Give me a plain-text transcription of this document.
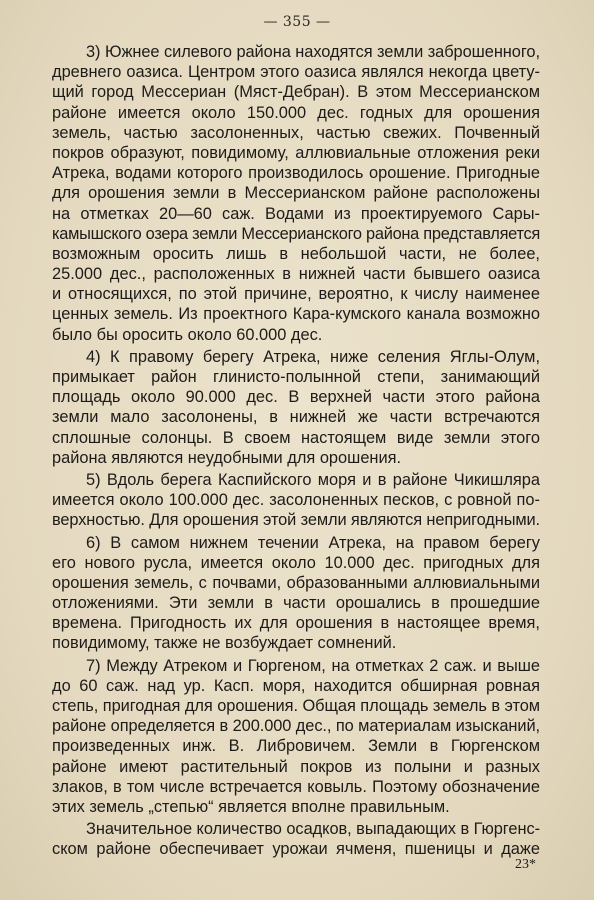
— 355 —
3) Южнее силевого района находятся земли заброшенного,
древнего оазиса. Центром этого оазиса являлся некогда цвету-
щий город Мессериан (Мяст-Дебран). В этом Мессерианском
районе имеется около 150.000 дес. годных для орошения
земель, частью засолоненных, частью свежих. Почвенный
покров образуют, повидимому, аллювиальные отложения реки
Атрека, водами которого производилось орошение. Пригодные
для орошения земли в Мессерианском районе расположены
на отметках 20—60 саж. Водами из проектируемого Сары-
камышского озера земли Мессерианского района представляется
возможным оросить лишь в небольшой части, не более,
25.000 дес., расположенных в нижней части бывшего оазиса
и относящихся, по этой причине, вероятно, к числу наименее
ценных земель. Из проектного Кара-кумского канала возможно
было бы оросить около 60.000 дес.
4) К правому берегу Атрека, ниже селения Яглы-Олум,
примыкает район глинисто-полынной степи, занимающий
площадь около 90.000 дес. В верхней части этого района
земли мало засолонены, в нижней же части встречаются
сплошные солонцы. В своем настоящем виде земли этого
района являются неудобными для орошения.
5) Вдоль берега Каспийского моря и в районе Чикишляра
имеется около 100.000 дес. засолоненных песков, с ровной по-
верхностью. Для орошения этой земли являются непригодными.
6) В самом нижнем течении Атрека, на правом берегу
его нового русла, имеется около 10.000 дес. пригодных для
орошения земель, с почвами, образованными аллювиальными
отложениями. Эти земли в части орошались в прошедшие
времена. Пригодность их для орошения в настоящее время,
повидимому, также не возбуждает сомнений.
7) Между Атреком и Гюргеном, на отметках 2 саж. и выше
до 60 саж. над ур. Касп. моря, находится обширная ровная
степь, пригодная для орошения. Общая площадь земель в этом
районе определяется в 200.000 дес., по материалам изысканий,
произведенных инж. В. Либровичем. Земли в Гюргенском
районе имеют растительный покров из полыни и разных
злаков, в том числе встречается ковыль. Поэтому обозначение
этих земель „степью“ является вполне правильным.
Значительное количество осадков, выпадающих в Гюргенс-
ском районе обеспечивает урожаи ячменя, пшеницы и даже
23*
